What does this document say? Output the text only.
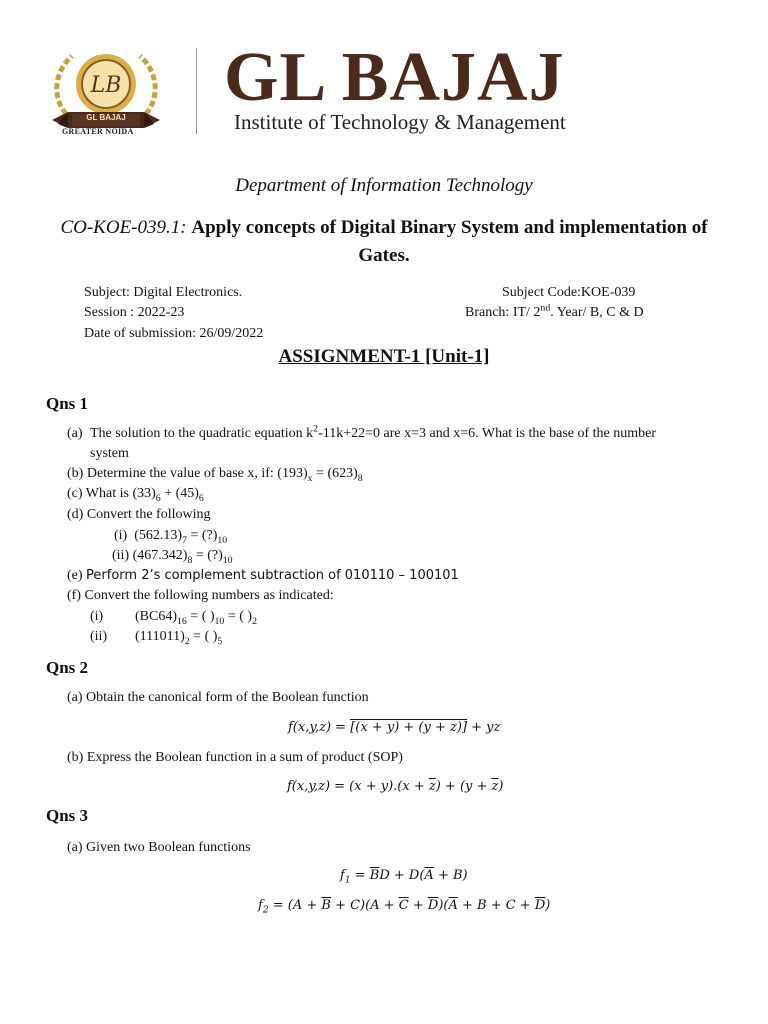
LB
GL BAJAJ
GREATER NOIDA
GL BAJAJ
Institute of Technology & Management
Department of Information Technology
CO-KOE-039.1: Apply concepts of Digital Binary System and implementation of Gates.
Subject: Digital Electronics.
Session : 2022-23
Date of submission: 26/09/2022
Subject Code:KOE-039
Branch: IT/ 2nd. Year/ B, C & D
ASSIGNMENT-1 [Unit-1]
Qns 1
(a) The solution to the quadratic equation $k^2-11k+22=0$ are x=3 and x=6. What is the base of the number
system
(b) Determine the value of base x, if: $(193)_x = (623)_8$
(c) What is $(33)_6 + (45)_6$
(d) Convert the following
(i) $(562.13)_7$ = $(?)_{10}$
(ii) $(467.342)_8$ = $(?)_{10}$
(e) Perform 2’s complement subtraction of 010110 – 100101
(f) Convert the following numbers as indicated:
(i) $(BC64)_{16}$ = ( )$_{10}$ = ( )$_2$
(ii) $(111011)_2$ = ( )$_5$
Qns 2
(a) Obtain the canonical form of the Boolean function
f(x,y,z) = [(x + y) + (y + z)] + yz
(b) Express the Boolean function in a sum of product (SOP)
$f(x,y,z) = (x + y).(x + \overline{z}) + (y + \overline{z})$
Qns 3
(a) Given two Boolean functions
$f_1 = \overline{B}D + D(\overline{A} + B)$
$f_2 = (A + \overline{B} + C)(A + \overline{C} + \overline{D})(\overline{A} + B + C + \overline{D})$
